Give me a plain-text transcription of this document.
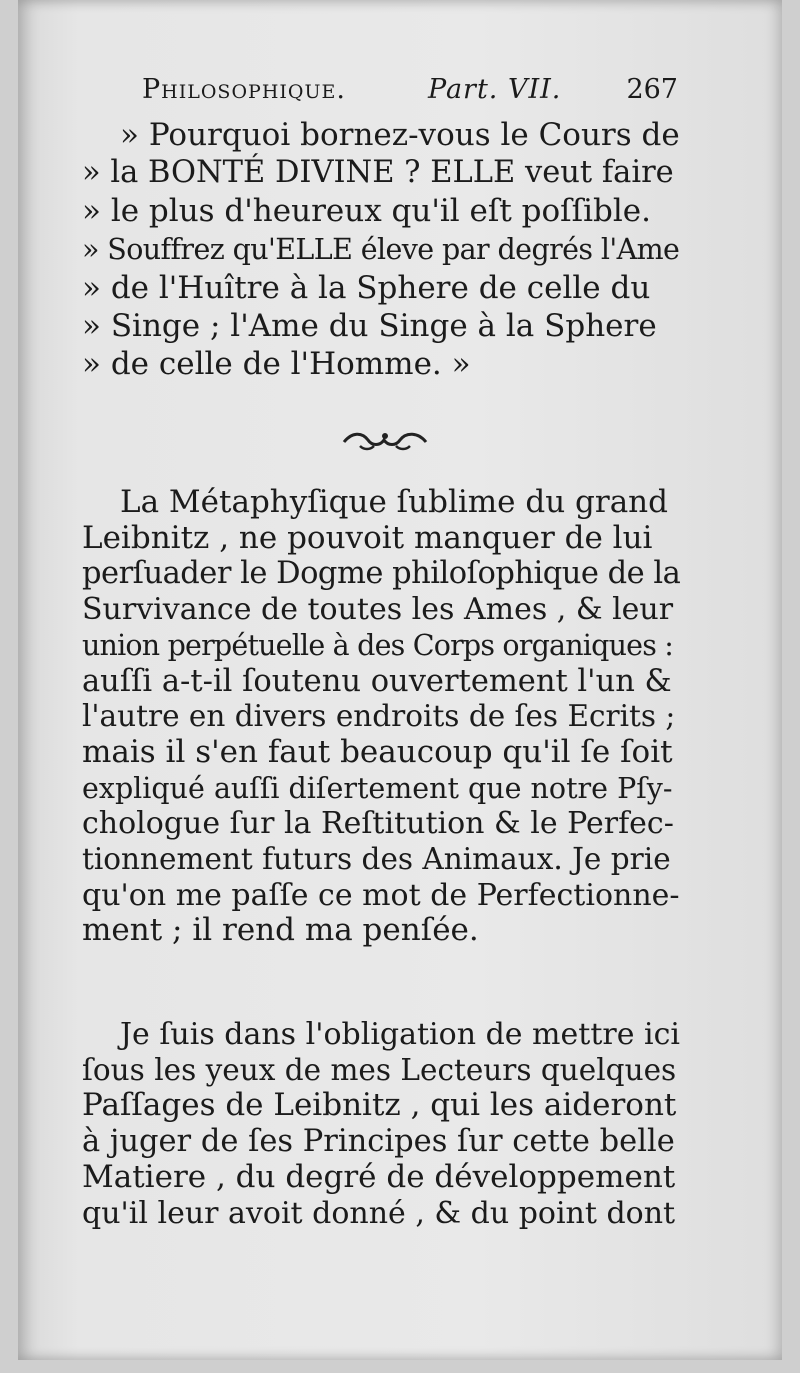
Philosophique.	Part. VII. 267
» Pourquoi bornez-vous le Cours de
» la BONTÉ DIVINE ? ELLE veut faire
» le plus d'heureux qu'il eſt poſſible.
» Souffrez qu'ELLE éleve par degrés l'Ame
» de l'Huître à la Sphere de celle du
» Singe ; l'Ame du Singe à la Sphere
» de celle de l'Homme. »
La Métaphyſique ſublime du grand
Leibnitz , ne pouvoit manquer de lui
perſuader le Dogme philoſophique de la
Survivance de toutes les Ames , & leur
union perpétuelle à des Corps organiques :
auſſi a-t-il ſoutenu ouvertement l'un &
l'autre en divers endroits de ſes Ecrits ;
mais il s'en faut beaucoup qu'il ſe ſoit
expliqué auſſi diſertement que notre Pſy-
chologue ſur la Reſtitution & le Perfec-
tionnement futurs des Animaux. Je prie
qu'on me paſſe ce mot de Perfectionne-
ment ; il rend ma penſée.
Je ſuis dans l'obligation de mettre ici
ſous les yeux de mes Lecteurs quelques
Paſſages de Leibnitz , qui les aideront
à juger de ſes Principes ſur cette belle
Matiere , du degré de développement
qu'il leur avoit donné , & du point dont
